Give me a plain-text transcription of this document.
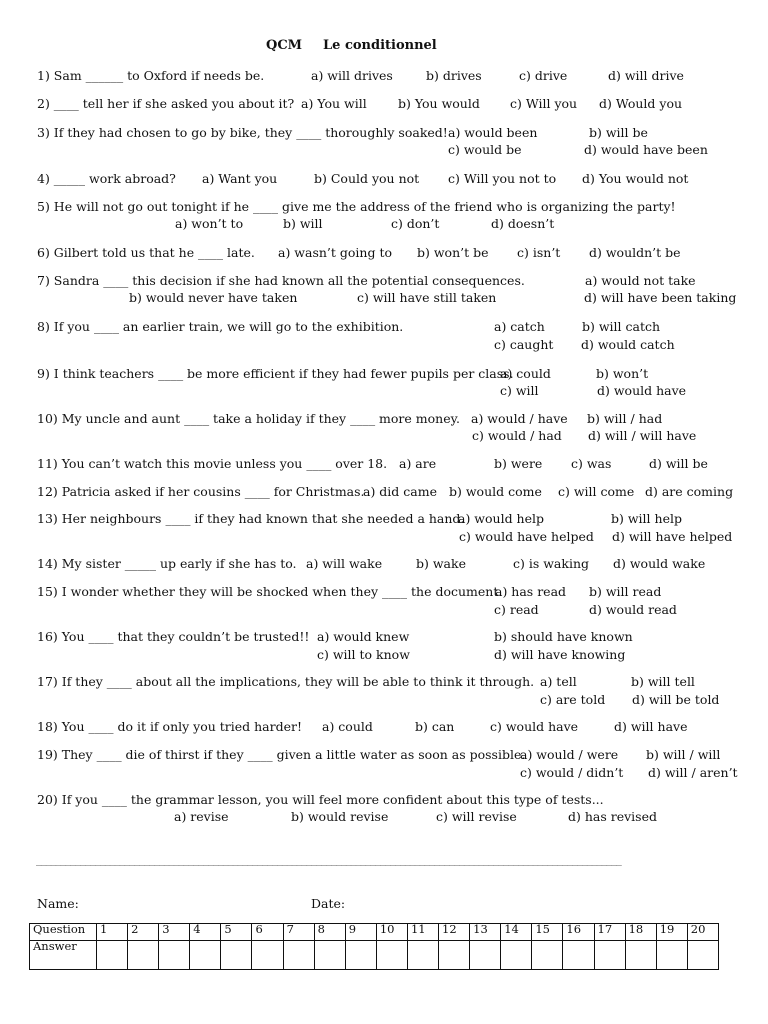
QCM Le conditionnel
1) Sam ______ to Oxford if needs be.	a) will drives	b) drives	c) drive	d) will drive
2) ____ tell her if she asked you about it? a) You will	b) You would c) Will you d) Would you
3) If they had chosen to go by bike, they ____ thoroughly soaked! a) would been	b) will be
c) would be	d) would have been
4) _____ work abroad? a) Want you	b) Could you not c) Will you not to d) You would not
5) He will not go out tonight if he ____ give me the address of the friend who is organizing the party!
a) won’t to	b) will	c) don’t	d) doesn’t
6) Gilbert told us that he ____ late. a) wasn’t going to b) won’t be c) isn’t d) wouldn’t be
7) Sandra ____ this decision if she had known all the potential consequences.	a) would not take
b) would never have taken	c) will have still taken	d) will have been taking
8) If you ____ an earlier train, we will go to the exhibition.	a) catch	b) will catch
c) caught d) would catch
9) I think teachers ____ be more efficient if they had fewer pupils per class.
a) could	b) won’t
c) will	d) would have
10) My uncle and aunt ____ take a holiday if they ____ more money. a) would / have b) will / had
c) would / had d) will / will have
11) You can’t watch this movie unless you ____ over 18. a) are	b) were c) was	d) will be
12) Patricia asked if her cousins ____ for Christmas.
a) did came b) would come c) will come d) are coming
13) Her neighbours ____ if they had known that she needed a hand.
a) would help	b) will help
c) would have helped d) will have helped
14) My sister _____ up early if she has to. a) will wake	b) wake	c) is waking d) would wake
15) I wonder whether they will be shocked when they ____ the document.
a) has read b) will read
c) read	d) would read
16) You ____ that they couldn’t be trusted!! a) would knew	b) should have known
c) will to know	d) will have knowing
17) If they ____ about all the implications, they will be able to think it through. a) tell	b) will tell
c) are told d) will be told
18) You ____ do it if only you tried harder! a) could	b) can	c) would have	d) will have
19) They ____ die of thirst if they ____ given a little water as soon as possible.
a) would / were b) will / will
c) would / didn’t d) will / aren’t
20) If you ____ the grammar lesson, you will feel more confident about this type of tests...
a) revise	b) would revise	c) will revise	d) has revised
_______________________________________________________________________________________________________________________
Name:	Date:
Question	1	2	3	4	5	6	7	8	9	10	11	12	13	14	15	16	17	18	19	20
Answer																				
